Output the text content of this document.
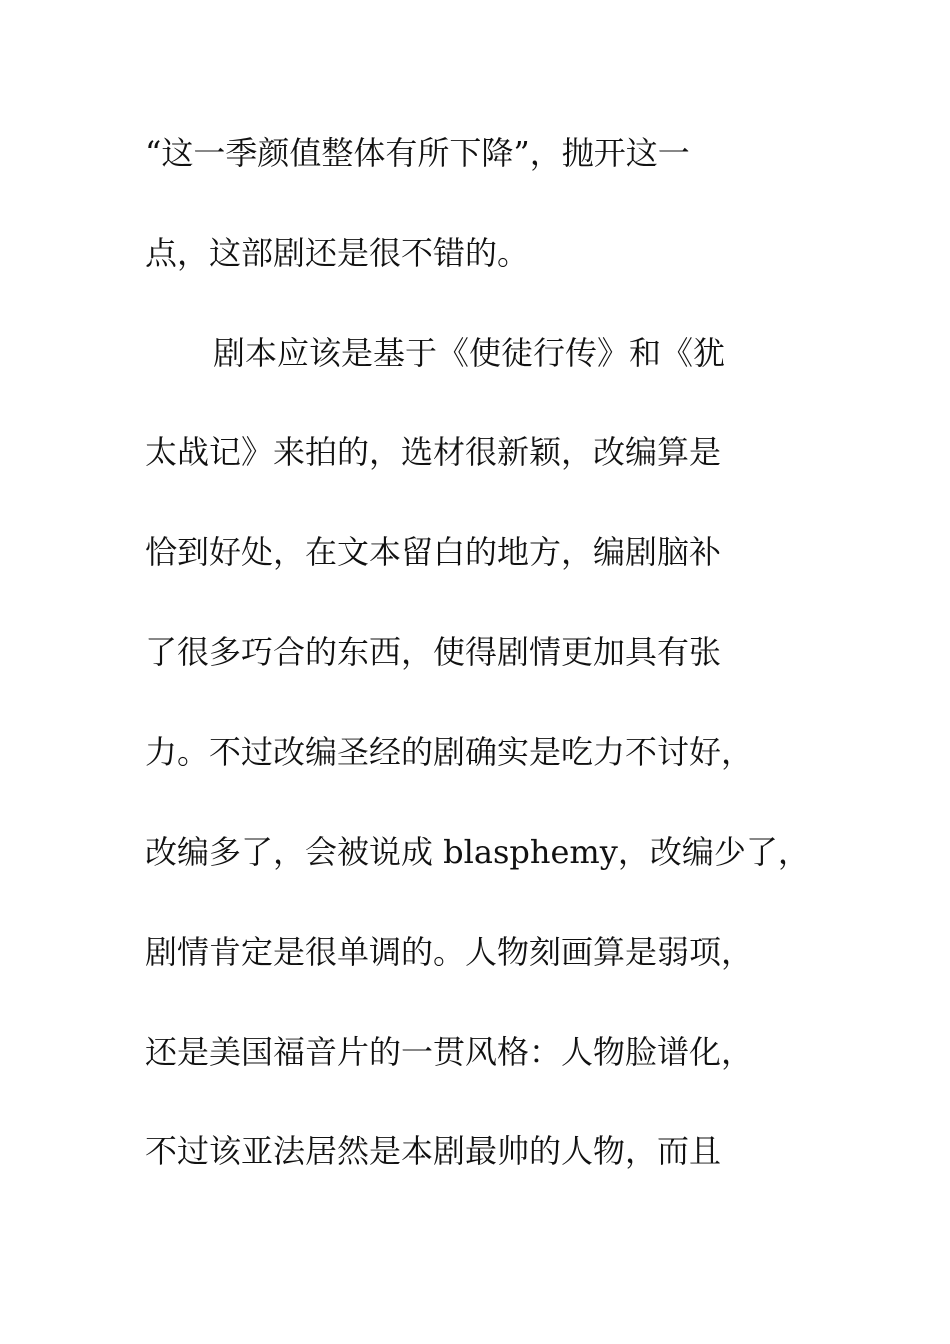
“这一季颜值整体有所下降”，抛开这一
点，这部剧还是很不错的。
剧本应该是基于《使徒行传》和《犹
太战记》来拍的，选材很新颖，改编算是
恰到好处，在文本留白的地方，编剧脑补
了很多巧合的东西，使得剧情更加具有张
力。不过改编圣经的剧确实是吃力不讨好，
改编多了，会被说成 blasphemy，改编少了，
剧情肯定是很单调的。人物刻画算是弱项，
还是美国福音片的一贯风格：人物脸谱化，
不过该亚法居然是本剧最帅的人物，而且
